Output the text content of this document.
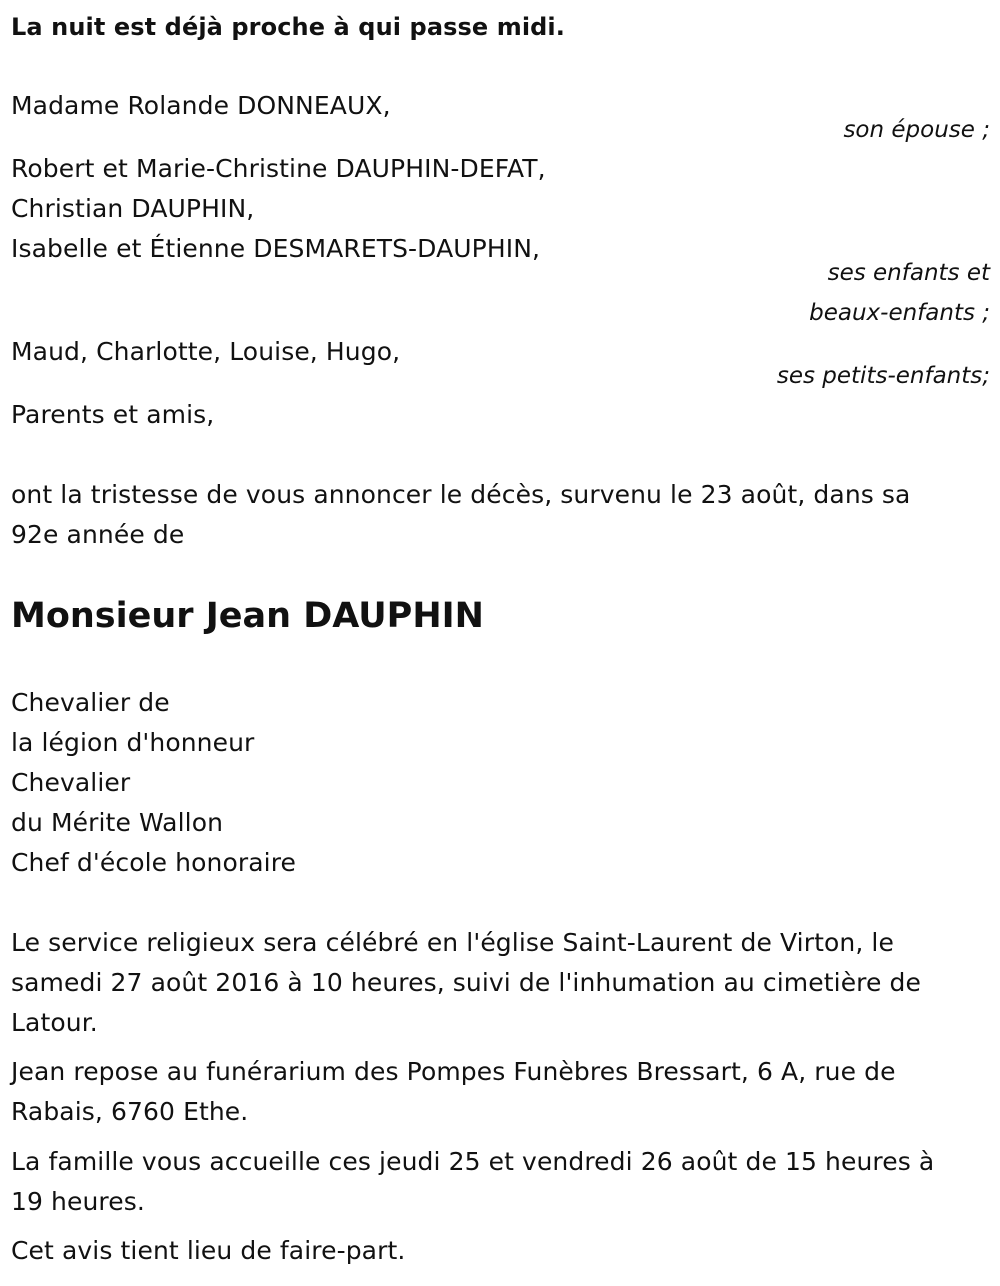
La nuit est déjà proche à qui passe midi.
Madame Rolande DONNEAUX,
son épouse ;
Robert et Marie-Christine DAUPHIN-DEFAT,
Christian DAUPHIN,
Isabelle et Étienne DESMARETS-DAUPHIN,
ses enfants et
beaux-enfants ;
Maud, Charlotte, Louise, Hugo,
ses petits-enfants;
Parents et amis,
ont la tristesse de vous annoncer le décès, survenu le 23 août, dans sa
92e année de
Monsieur Jean DAUPHIN
Chevalier de
la légion d'honneur
Chevalier
du Mérite Wallon
Chef d'école honoraire
Le service religieux sera célébré en l'église Saint-Laurent de Virton, le
samedi 27 août 2016 à 10 heures, suivi de l'inhumation au cimetière de
Latour.
Jean repose au funérarium des Pompes Funèbres Bressart, 6 A, rue de
Rabais, 6760 Ethe.
La famille vous accueille ces jeudi 25 et vendredi 26 août de 15 heures à
19 heures.
Cet avis tient lieu de faire-part.
